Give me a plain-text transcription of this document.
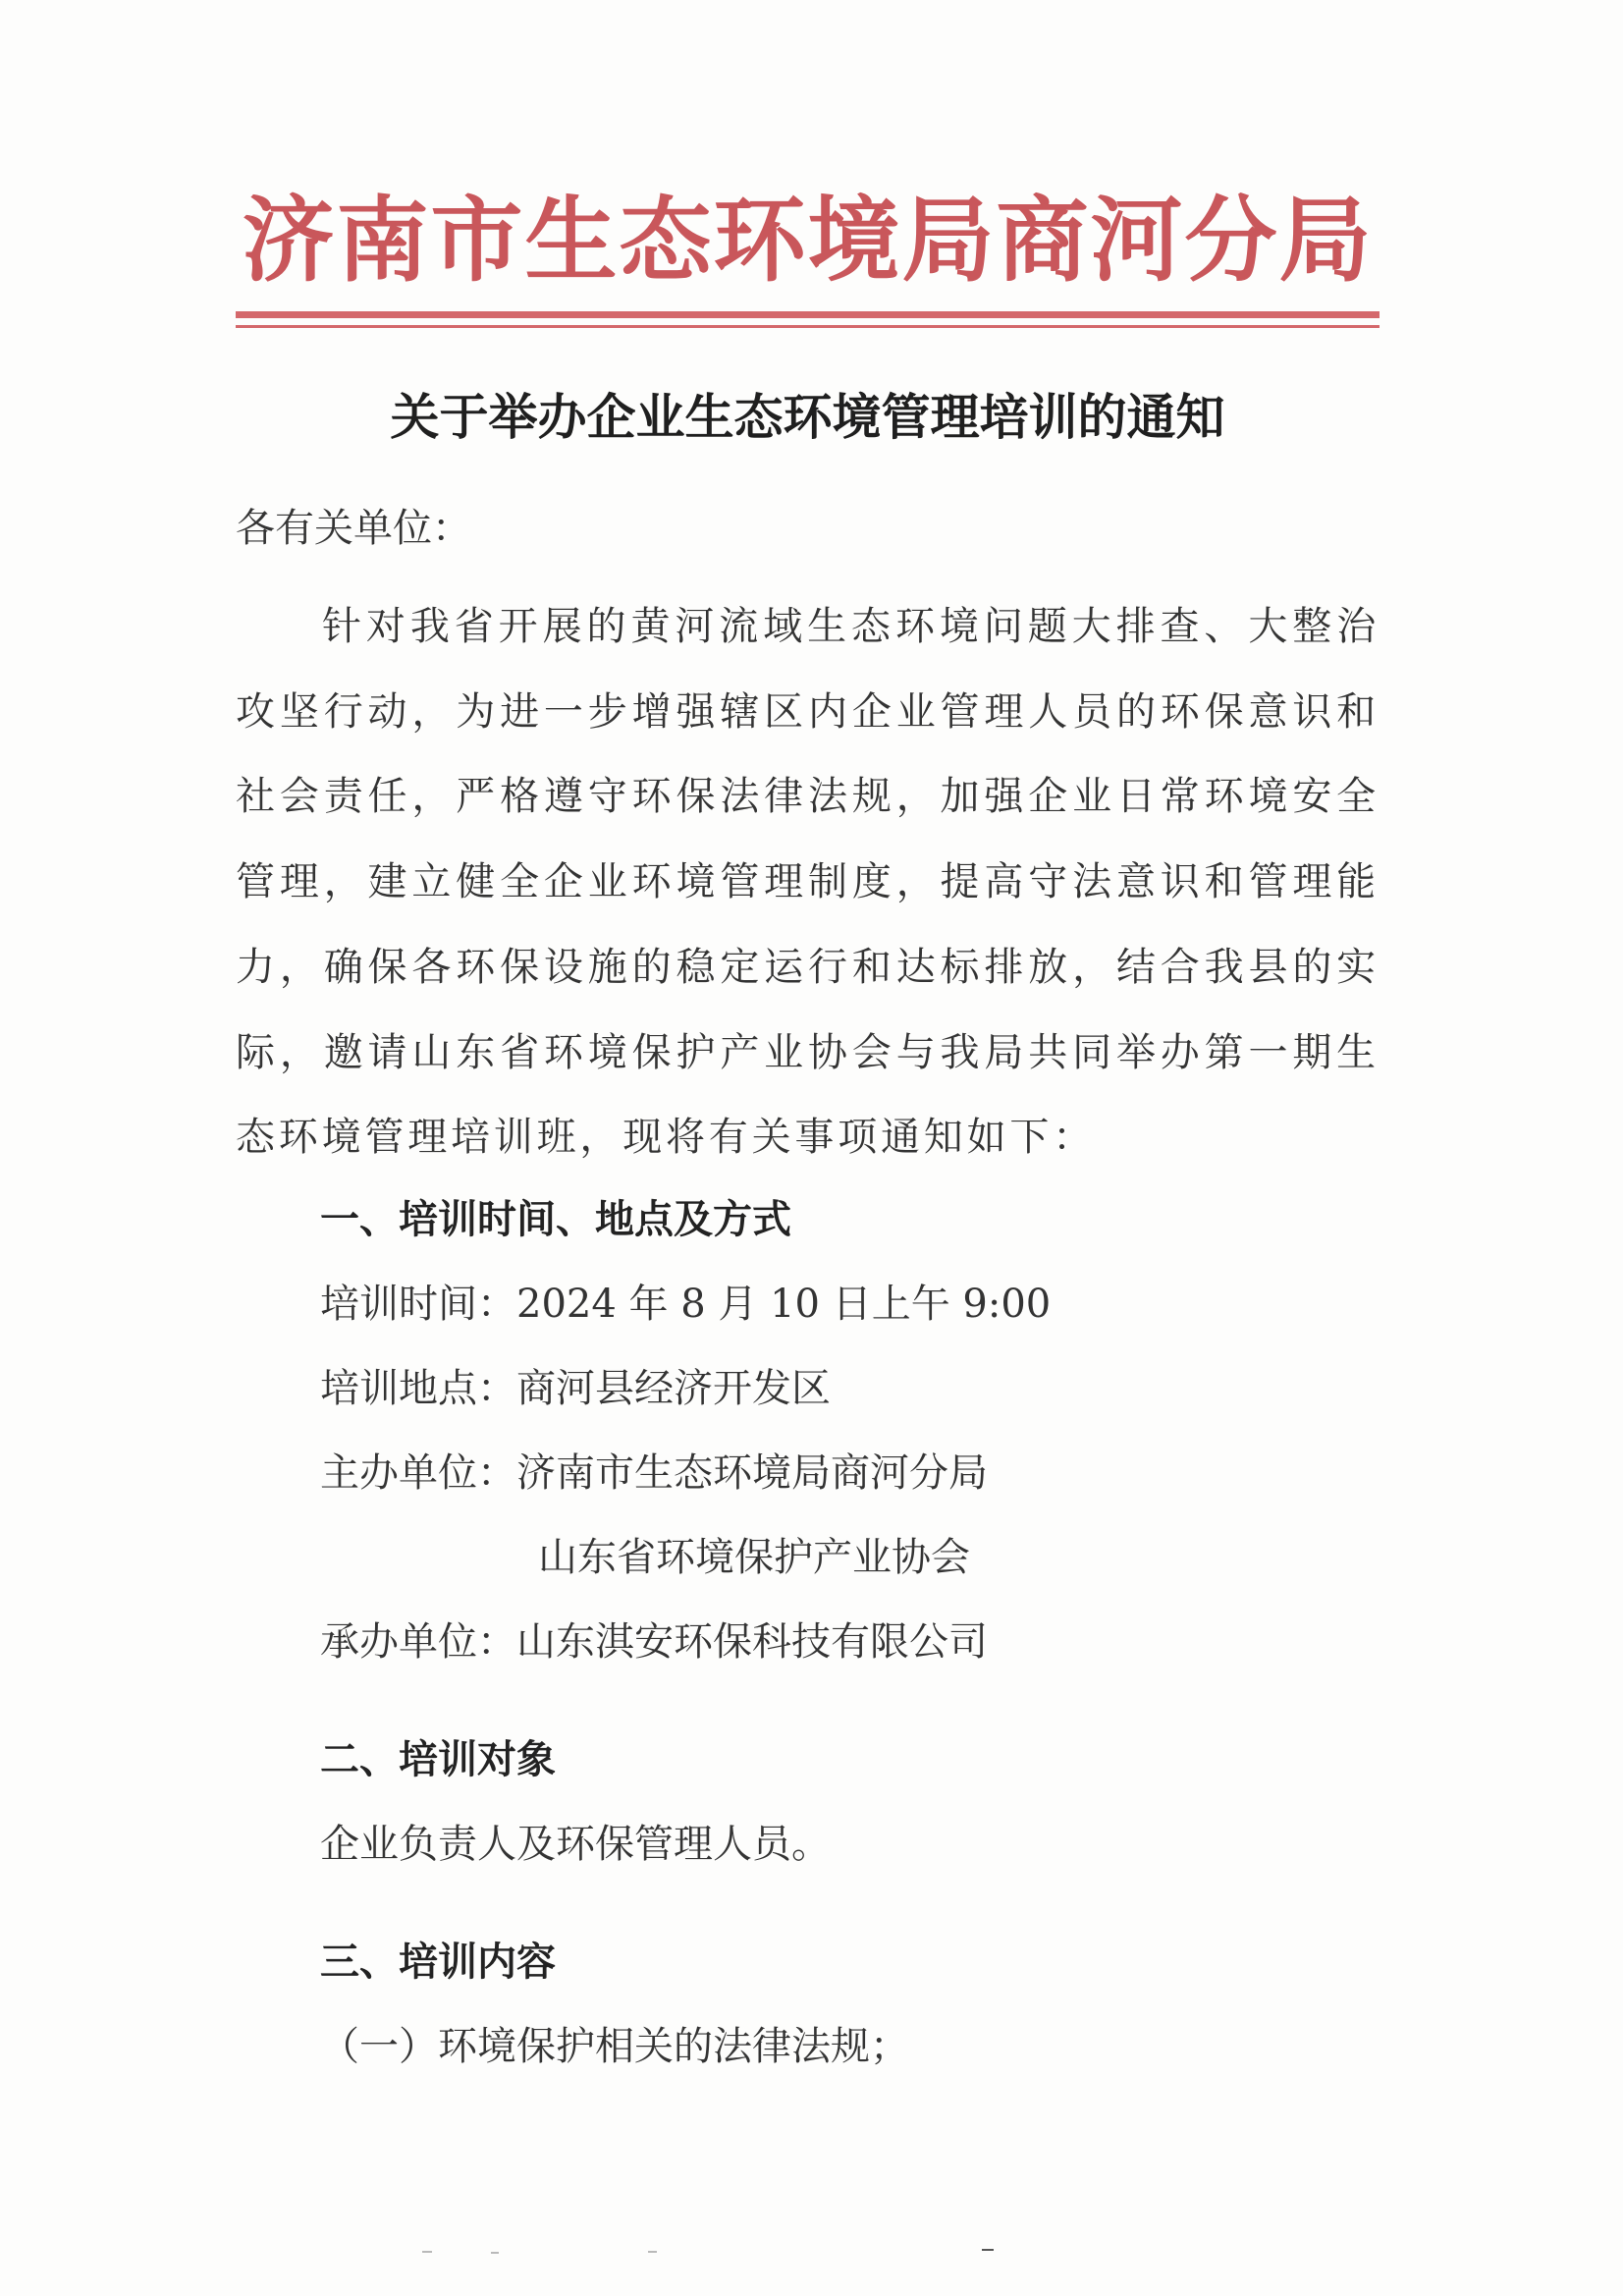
济南市生态环境局商河分局
关于举办企业生态环境管理培训的通知
各有关单位：
针对我省开展的黄河流域生态环境问题大排查、大整治攻坚行动，为进一步增强辖区内企业管理人员的环保意识和社会责任，严格遵守环保法律法规，加强企业日常环境安全管理，建立健全企业环境管理制度，提高守法意识和管理能力，确保各环保设施的稳定运行和达标排放，结合我县的实际，邀请山东省环境保护产业协会与我局共同举办第一期生态环境管理培训班，现将有关事项通知如下：
一、培训时间、地点及方式
培训时间：2024 年 8 月 10 日上午 9:00
培训地点：商河县经济开发区
主办单位：济南市生态环境局商河分局
山东省环境保护产业协会
承办单位：山东淇安环保科技有限公司
二、培训对象
企业负责人及环保管理人员。
三、培训内容
（一）环境保护相关的法律法规；
